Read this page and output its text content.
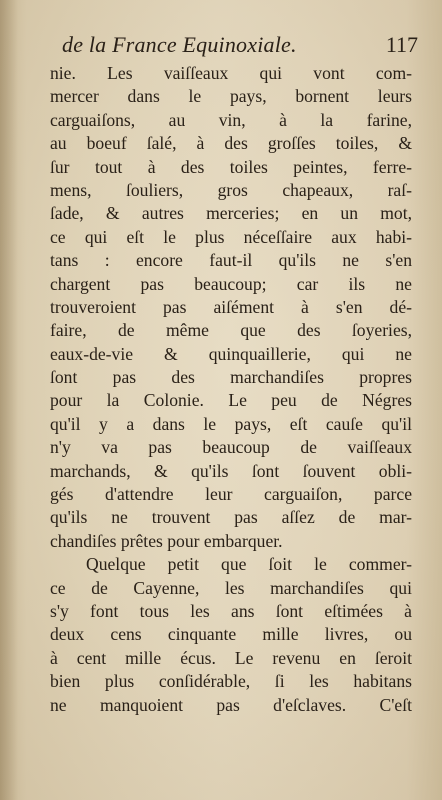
de la France Equinoxiale.	117
nie. Les vaiſſeaux qui vont com-
mercer dans le pays, bornent leurs
carguaiſons, au vin, à la farine,
au boeuf ſalé, à des groſſes toiles, &
ſur tout à des toiles peintes, ferre-
mens, ſouliers, gros chapeaux, raſ-
ſade, & autres merceries; en un mot,
ce qui eſt le plus néceſſaire aux habi-
tans : encore faut-il qu'ils ne s'en
chargent pas beaucoup; car ils ne
trouveroient pas aiſément à s'en dé-
faire, de même que des ſoyeries,
eaux-de-vie & quinquaillerie, qui ne
ſont pas des marchandiſes propres
pour la Colonie. Le peu de Négres
qu'il y a dans le pays, eſt cauſe qu'il
n'y va pas beaucoup de vaiſſeaux
marchands, & qu'ils ſont ſouvent obli-
gés d'attendre leur carguaiſon, parce
qu'ils ne trouvent pas aſſez de mar-
chandiſes prêtes pour embarquer.
Quelque petit que ſoit le commer-
ce de Cayenne, les marchandiſes qui
s'y font tous les ans ſont eſtimées à
deux cens cinquante mille livres, ou
à cent mille écus. Le revenu en ſeroit
bien plus conſidérable, ſi les habitans
ne manquoient pas d'eſclaves. C'eſt
